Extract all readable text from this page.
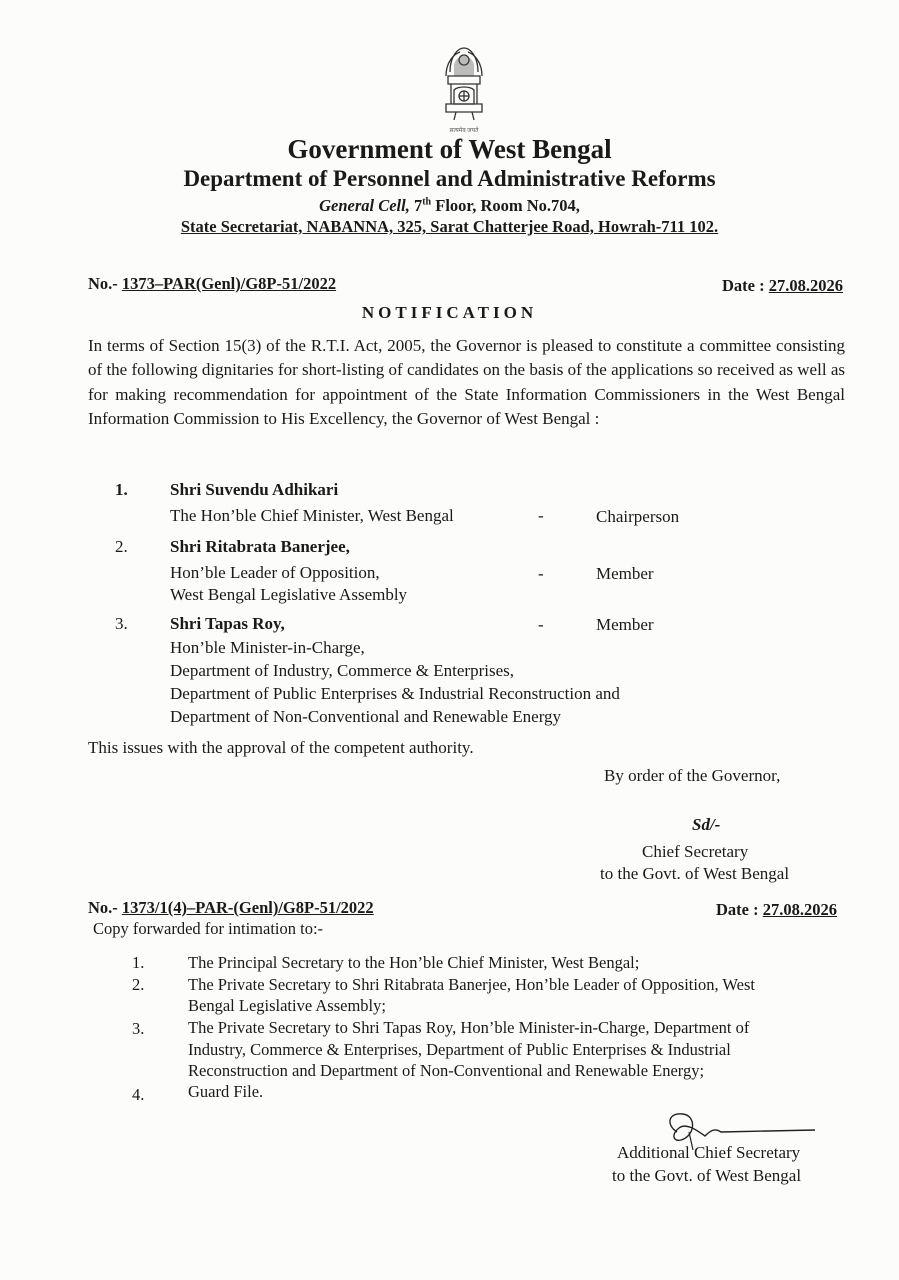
सत्यमेव जयते
Government of West Bengal
Department of Personnel and Administrative Reforms
General Cell, 7th Floor, Room No.704,
State Secretariat, NABANNA, 325, Sarat Chatterjee Road, Howrah-711 102.
No.- 1373–PAR(Genl)/G8P-51/2022	Date : 27.08.2026
NOTIFICATION
In terms of Section 15(3) of the R.T.I. Act, 2005, the Governor is pleased to constitute a committee consisting of the following dignitaries for short-listing of candidates on the basis of the applications so received as well as for making recommendation for appointment of the State Information Commissioners in the West Bengal Information Commission to His Excellency, the Governor of West Bengal :
1. Shri Suvendu Adhikari
The Hon’ble Chief Minister, West Bengal	-	Chairperson
2. Shri Ritabrata Banerjee,
Hon’ble Leader of Opposition,
West Bengal Legislative Assembly
-	Member
3. Shri Tapas Roy,	-	Member
Hon’ble Minister-in-Charge,
Department of Industry, Commerce & Enterprises,
Department of Public Enterprises & Industrial Reconstruction and
Department of Non-Conventional and Renewable Energy
This issues with the approval of the competent authority.
By order of the Governor,
Sd/-
Chief Secretary
to the Govt. of West Bengal
No.- 1373/1(4)–PAR-(Genl)/G8P-51/2022	Date : 27.08.2026
Copy forwarded for intimation to:-
1.	The Principal Secretary to the Hon’ble Chief Minister, West Bengal;
2.	The Private Secretary to Shri Ritabrata Banerjee, Hon’ble Leader of Opposition, West
Bengal Legislative Assembly;
3.	The Private Secretary to Shri Tapas Roy, Hon’ble Minister-in-Charge, Department of
Industry, Commerce & Enterprises, Department of Public Enterprises & Industrial
Reconstruction and Department of Non-Conventional and Renewable Energy;
4.	Guard File.
Additional Chief Secretary
to the Govt. of West Bengal
